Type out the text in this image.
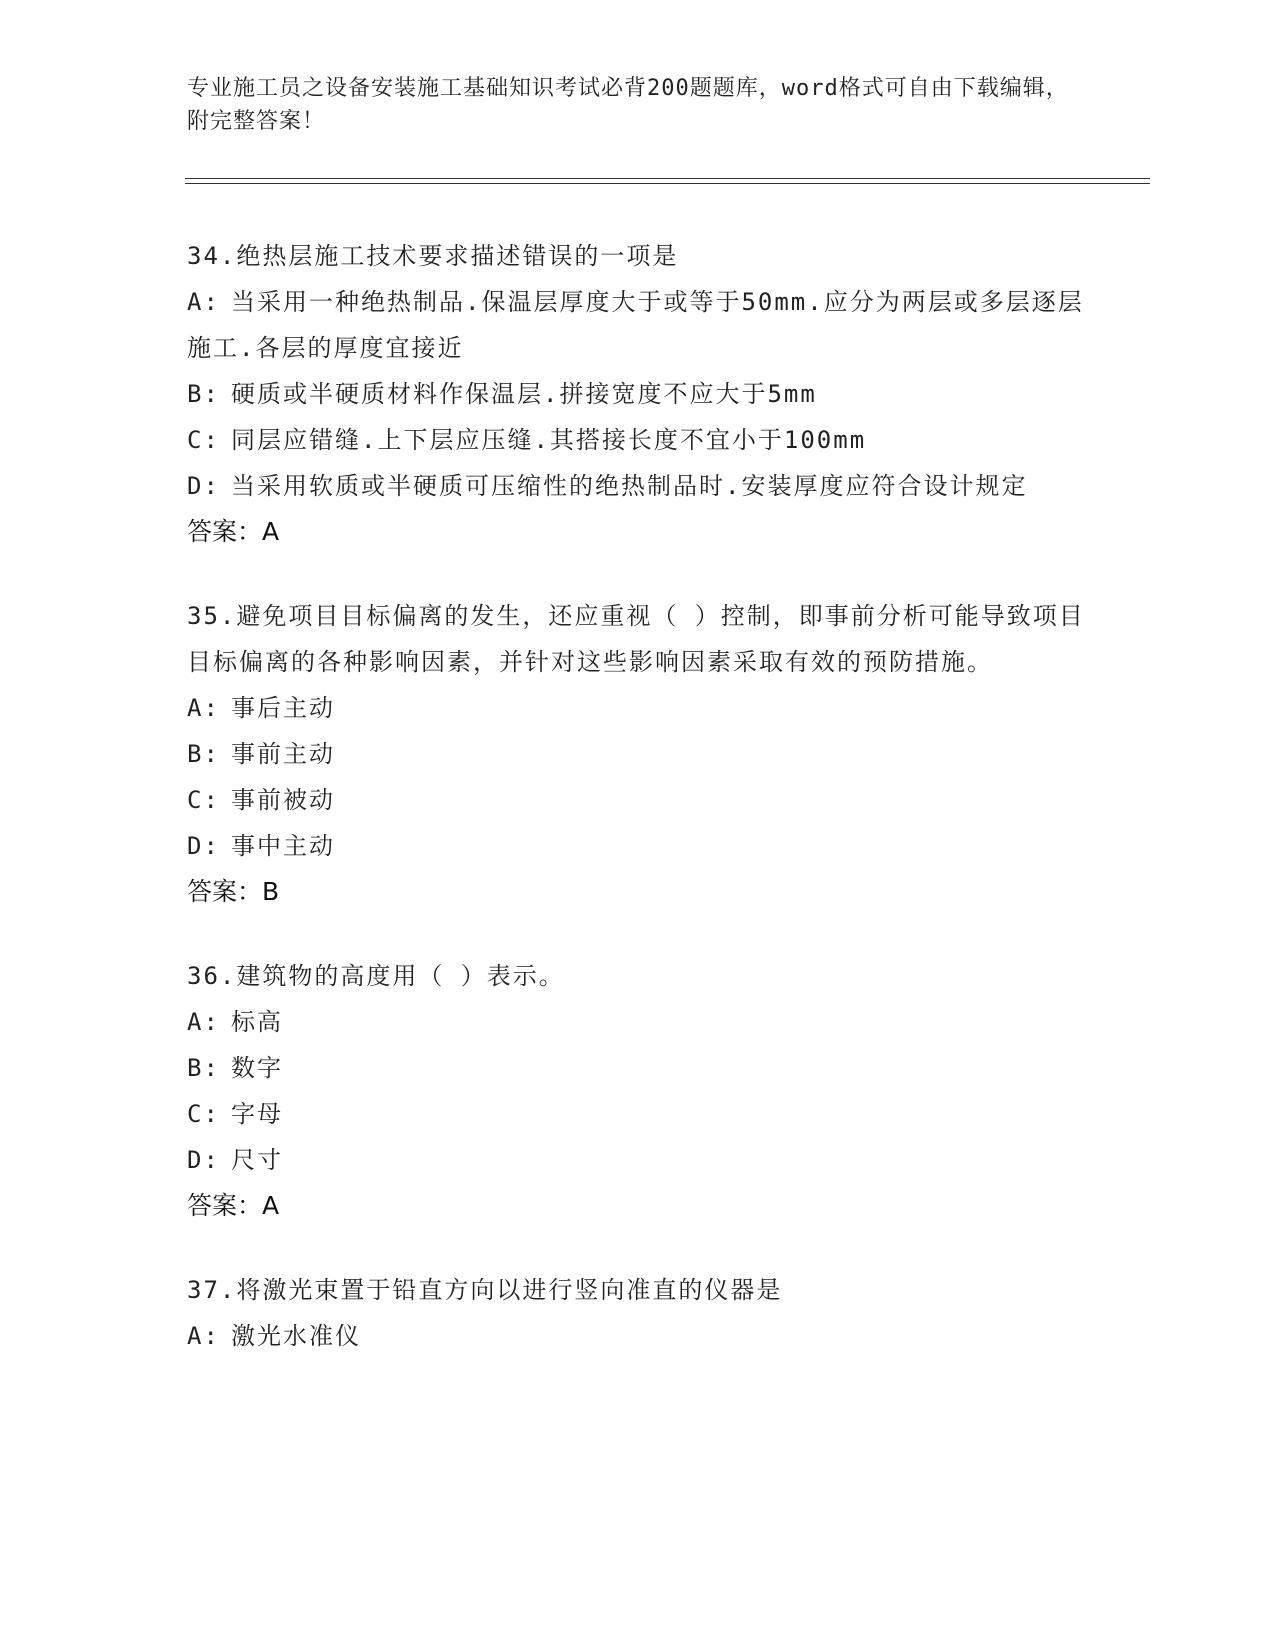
专业施工员之设备安装施工基础知识考试必背200题题库，word格式可自由下载编辑，附完整答案！
34.绝热层施工技术要求描述错误的一项是
A: 当采用一种绝热制品.保温层厚度大于或等于50mm.应分为两层或多层逐层施工.各层的厚度宜接近
B: 硬质或半硬质材料作保温层.拼接宽度不应大于5mm
C: 同层应错缝.上下层应压缝.其搭接长度不宜小于100mm
D: 当采用软质或半硬质可压缩性的绝热制品时.安装厚度应符合设计规定
答案：A
35.避免项目目标偏离的发生，还应重视（ ）控制，即事前分析可能导致项目目标偏离的各种影响因素，并针对这些影响因素采取有效的预防措施。
A: 事后主动
B: 事前主动
C: 事前被动
D: 事中主动
答案：B
36.建筑物的高度用（ ）表示。
A: 标高
B: 数字
C: 字母
D: 尺寸
答案：A
37.将激光束置于铅直方向以进行竖向准直的仪器是
A: 激光水准仪
